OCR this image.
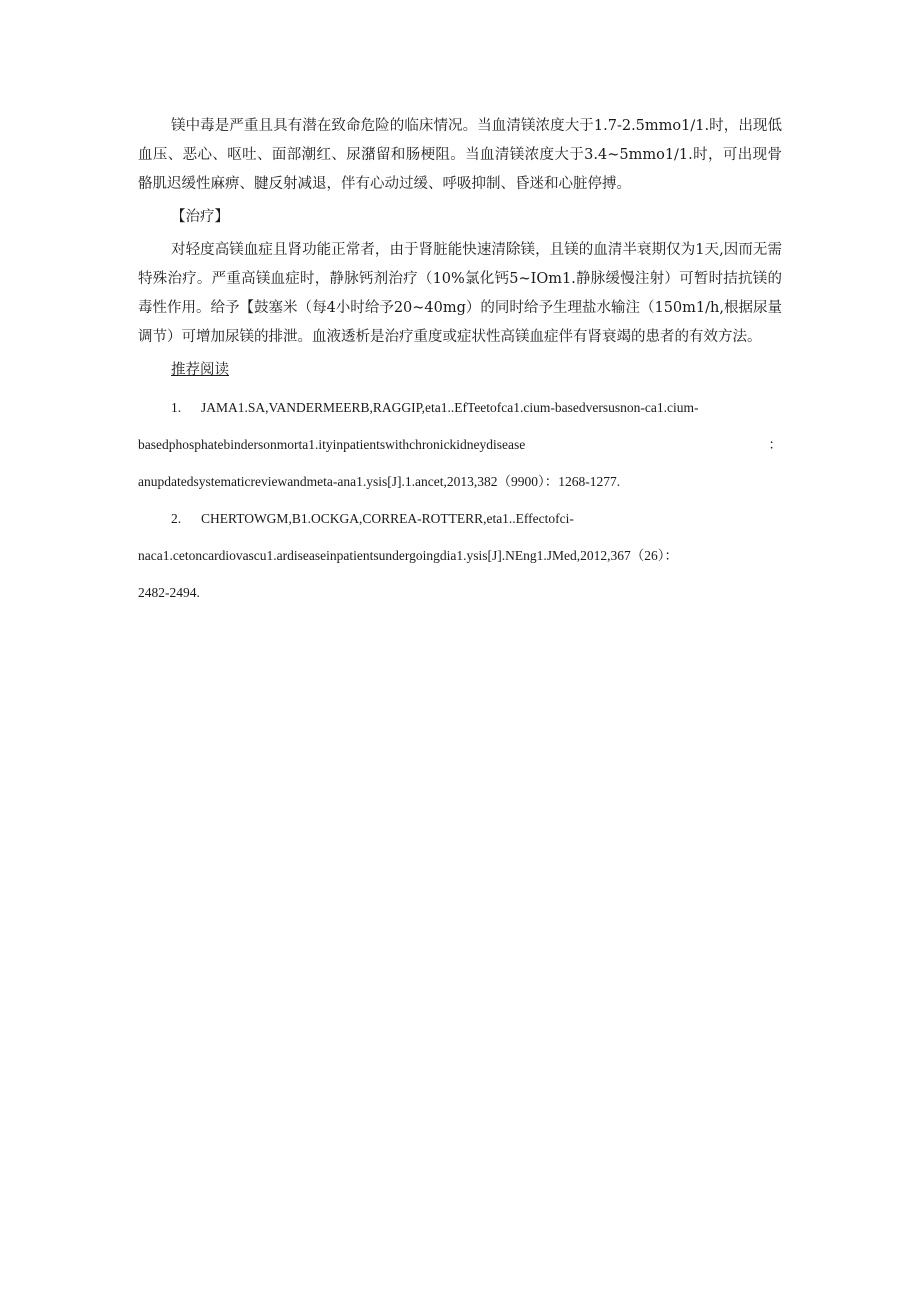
镁中毒是严重且具有潜在致命危险的临床情况。当血清镁浓度大于1.7-2.5mmo1∕1.时，出现低血压、恶心、呕吐、面部潮红、尿潴留和肠梗阻。当血清镁浓度大于3.4~5mmo1∕1.时，可出现骨骼肌迟缓性麻痹、腱反射减退，伴有心动过缓、呼吸抑制、昏迷和心脏停搏。

【治疗】

对轻度高镁血症且肾功能正常者，由于肾脏能快速清除镁，且镁的血清半衰期仅为1天,因而无需特殊治疗。严重高镁血症时，静脉钙剂治疗（10%氯化钙5~IOm1.静脉缓慢注射）可暂时拮抗镁的毒性作用。给予【鼓塞米（每4小时给予20~40mg）的同时给予生理盐水输注（150m1∕h,根据尿量调节）可增加尿镁的排泄。血液透析是治疗重度或症状性高镁血症伴有肾衰竭的患者的有效方法。

推荐阅读

1. JAMA1.SA,VANDERMEERB,RAGGIP,eta1..EfTeetofca1.cium-basedversusnon-ca1.cium-
basedphosphatebindersonmorta1.ityinpatientswithchronickidneydisease	：
anupdatedsystematicreviewandmeta-ana1.ysis[J].1.ancet,2013,382（9900）：1268-1277.
2. CHERTOWGM,B1.OCKGA,CORREA-ROTTERR,eta1..Effectofci-
naca1.cetoncardiovascu1.ardiseaseinpatientsundergoingdia1.ysis[J].NEng1.JMed,2012,367（26）：
2482-2494.
